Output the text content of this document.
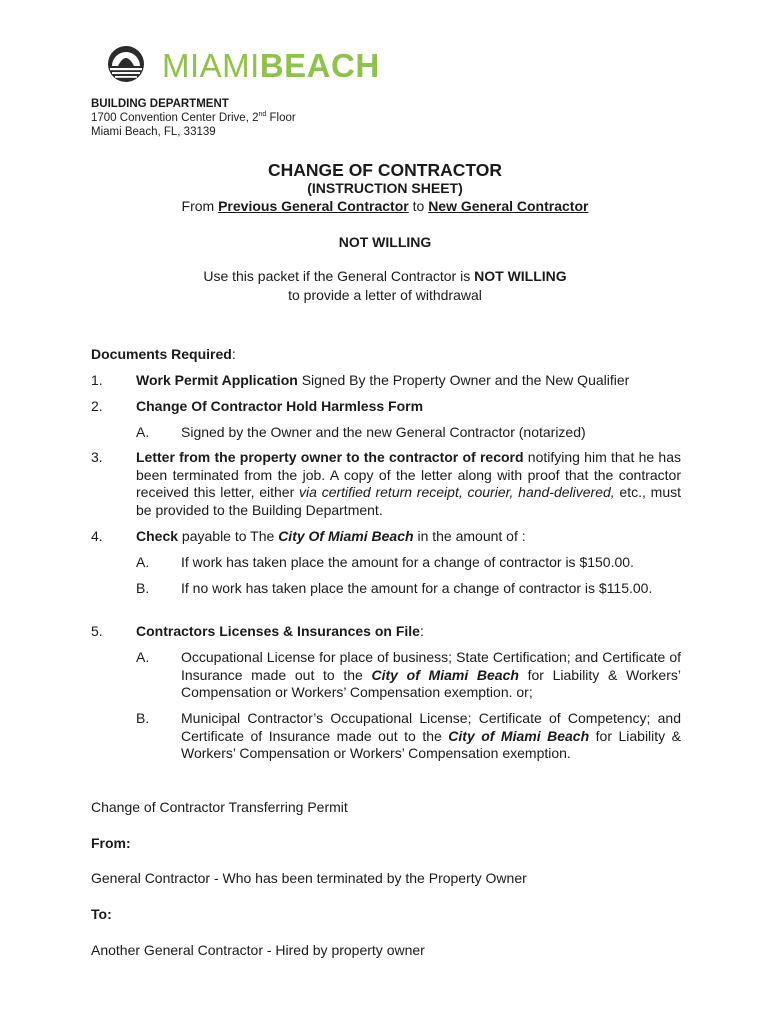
MIAMIBEACH
BUILDING DEPARTMENT
1700 Convention Center Drive, 2nd Floor
Miami Beach, FL, 33139
CHANGE OF CONTRACTOR
(INSTRUCTION SHEET)
From Previous General Contractor to New General Contractor
NOT WILLING
Use this packet if the General Contractor is NOT WILLING
to provide a letter of withdrawal
Documents Required:
1.	Work Permit Application Signed By the Property Owner and the New Qualifier
2.	Change Of Contractor Hold Harmless Form
A.	Signed by the Owner and the new General Contractor (notarized)
3.	Letter from the property owner to the contractor of record notifying him that he has been terminated from the job. A copy of the letter along with proof that the contractor received this letter, either via certified return receipt, courier, hand-delivered, etc., must be provided to the Building Department.
4.	Check payable to The City Of Miami Beach in the amount of :
A.	If work has taken place the amount for a change of contractor is $150.00.
B.	If no work has taken place the amount for a change of contractor is $115.00.
5.	Contractors Licenses & Insurances on File:
A.	Occupational License for place of business; State Certification; and Certificate of Insurance made out to the City of Miami Beach for Liability & Workers’ Compensation or Workers’ Compensation exemption. or;
B.	Municipal Contractor’s Occupational License; Certificate of Competency; and Certificate of Insurance made out to the City of Miami Beach for Liability & Workers’ Compensation or Workers’ Compensation exemption.
Change of Contractor Transferring Permit
From:
General Contractor - Who has been terminated by the Property Owner
To:
Another General Contractor - Hired by property owner
